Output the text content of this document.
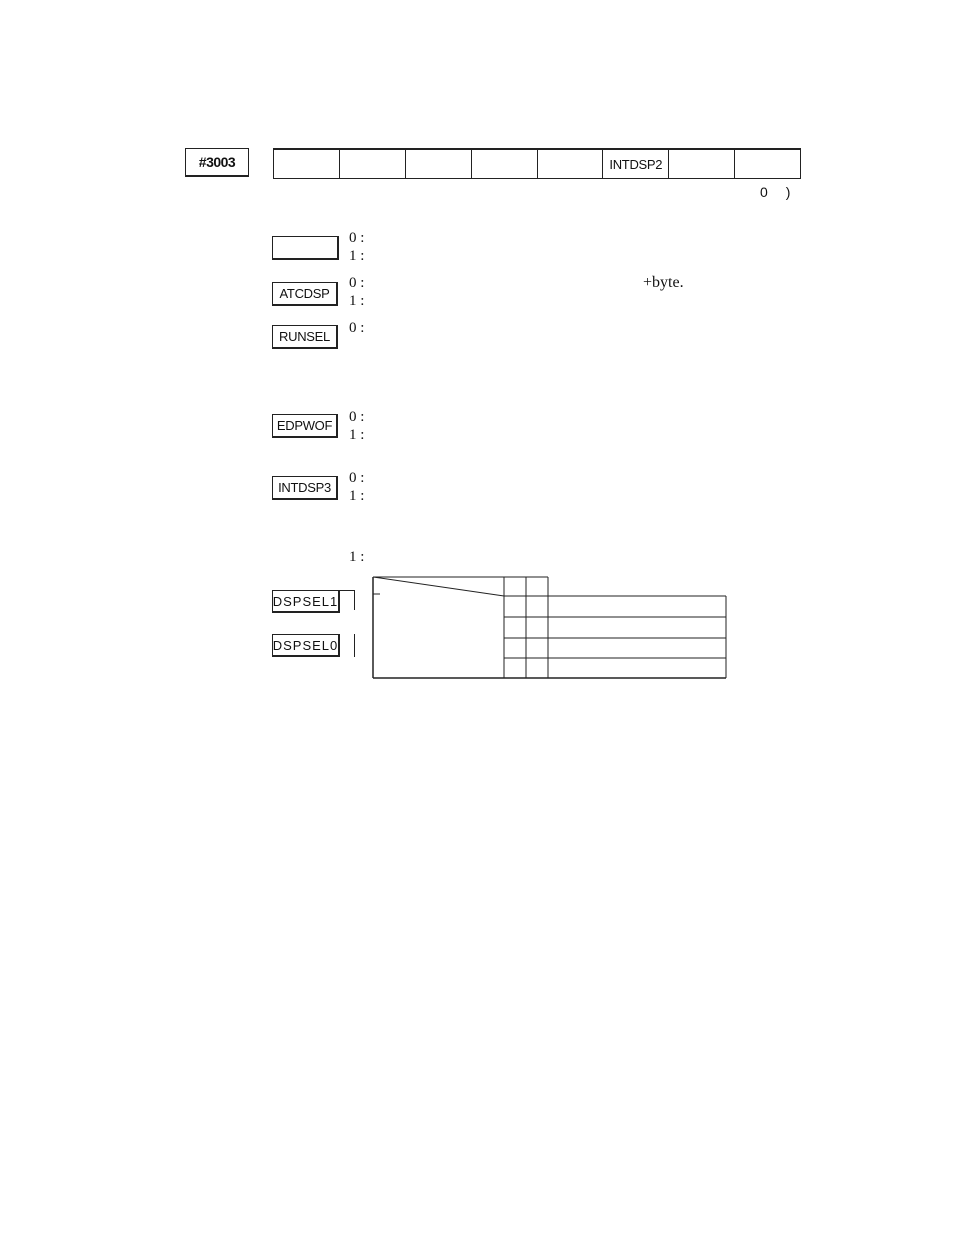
#3003	INTDSP2
0 )
0 :
1 :
ATCDSP
0 :
1 :
+byte.
RUNSEL
0 :
EDPWOF
0 :
1 :
INTDSP3
0 :
1 :
1 :
DSPSEL1
DSPSEL0
